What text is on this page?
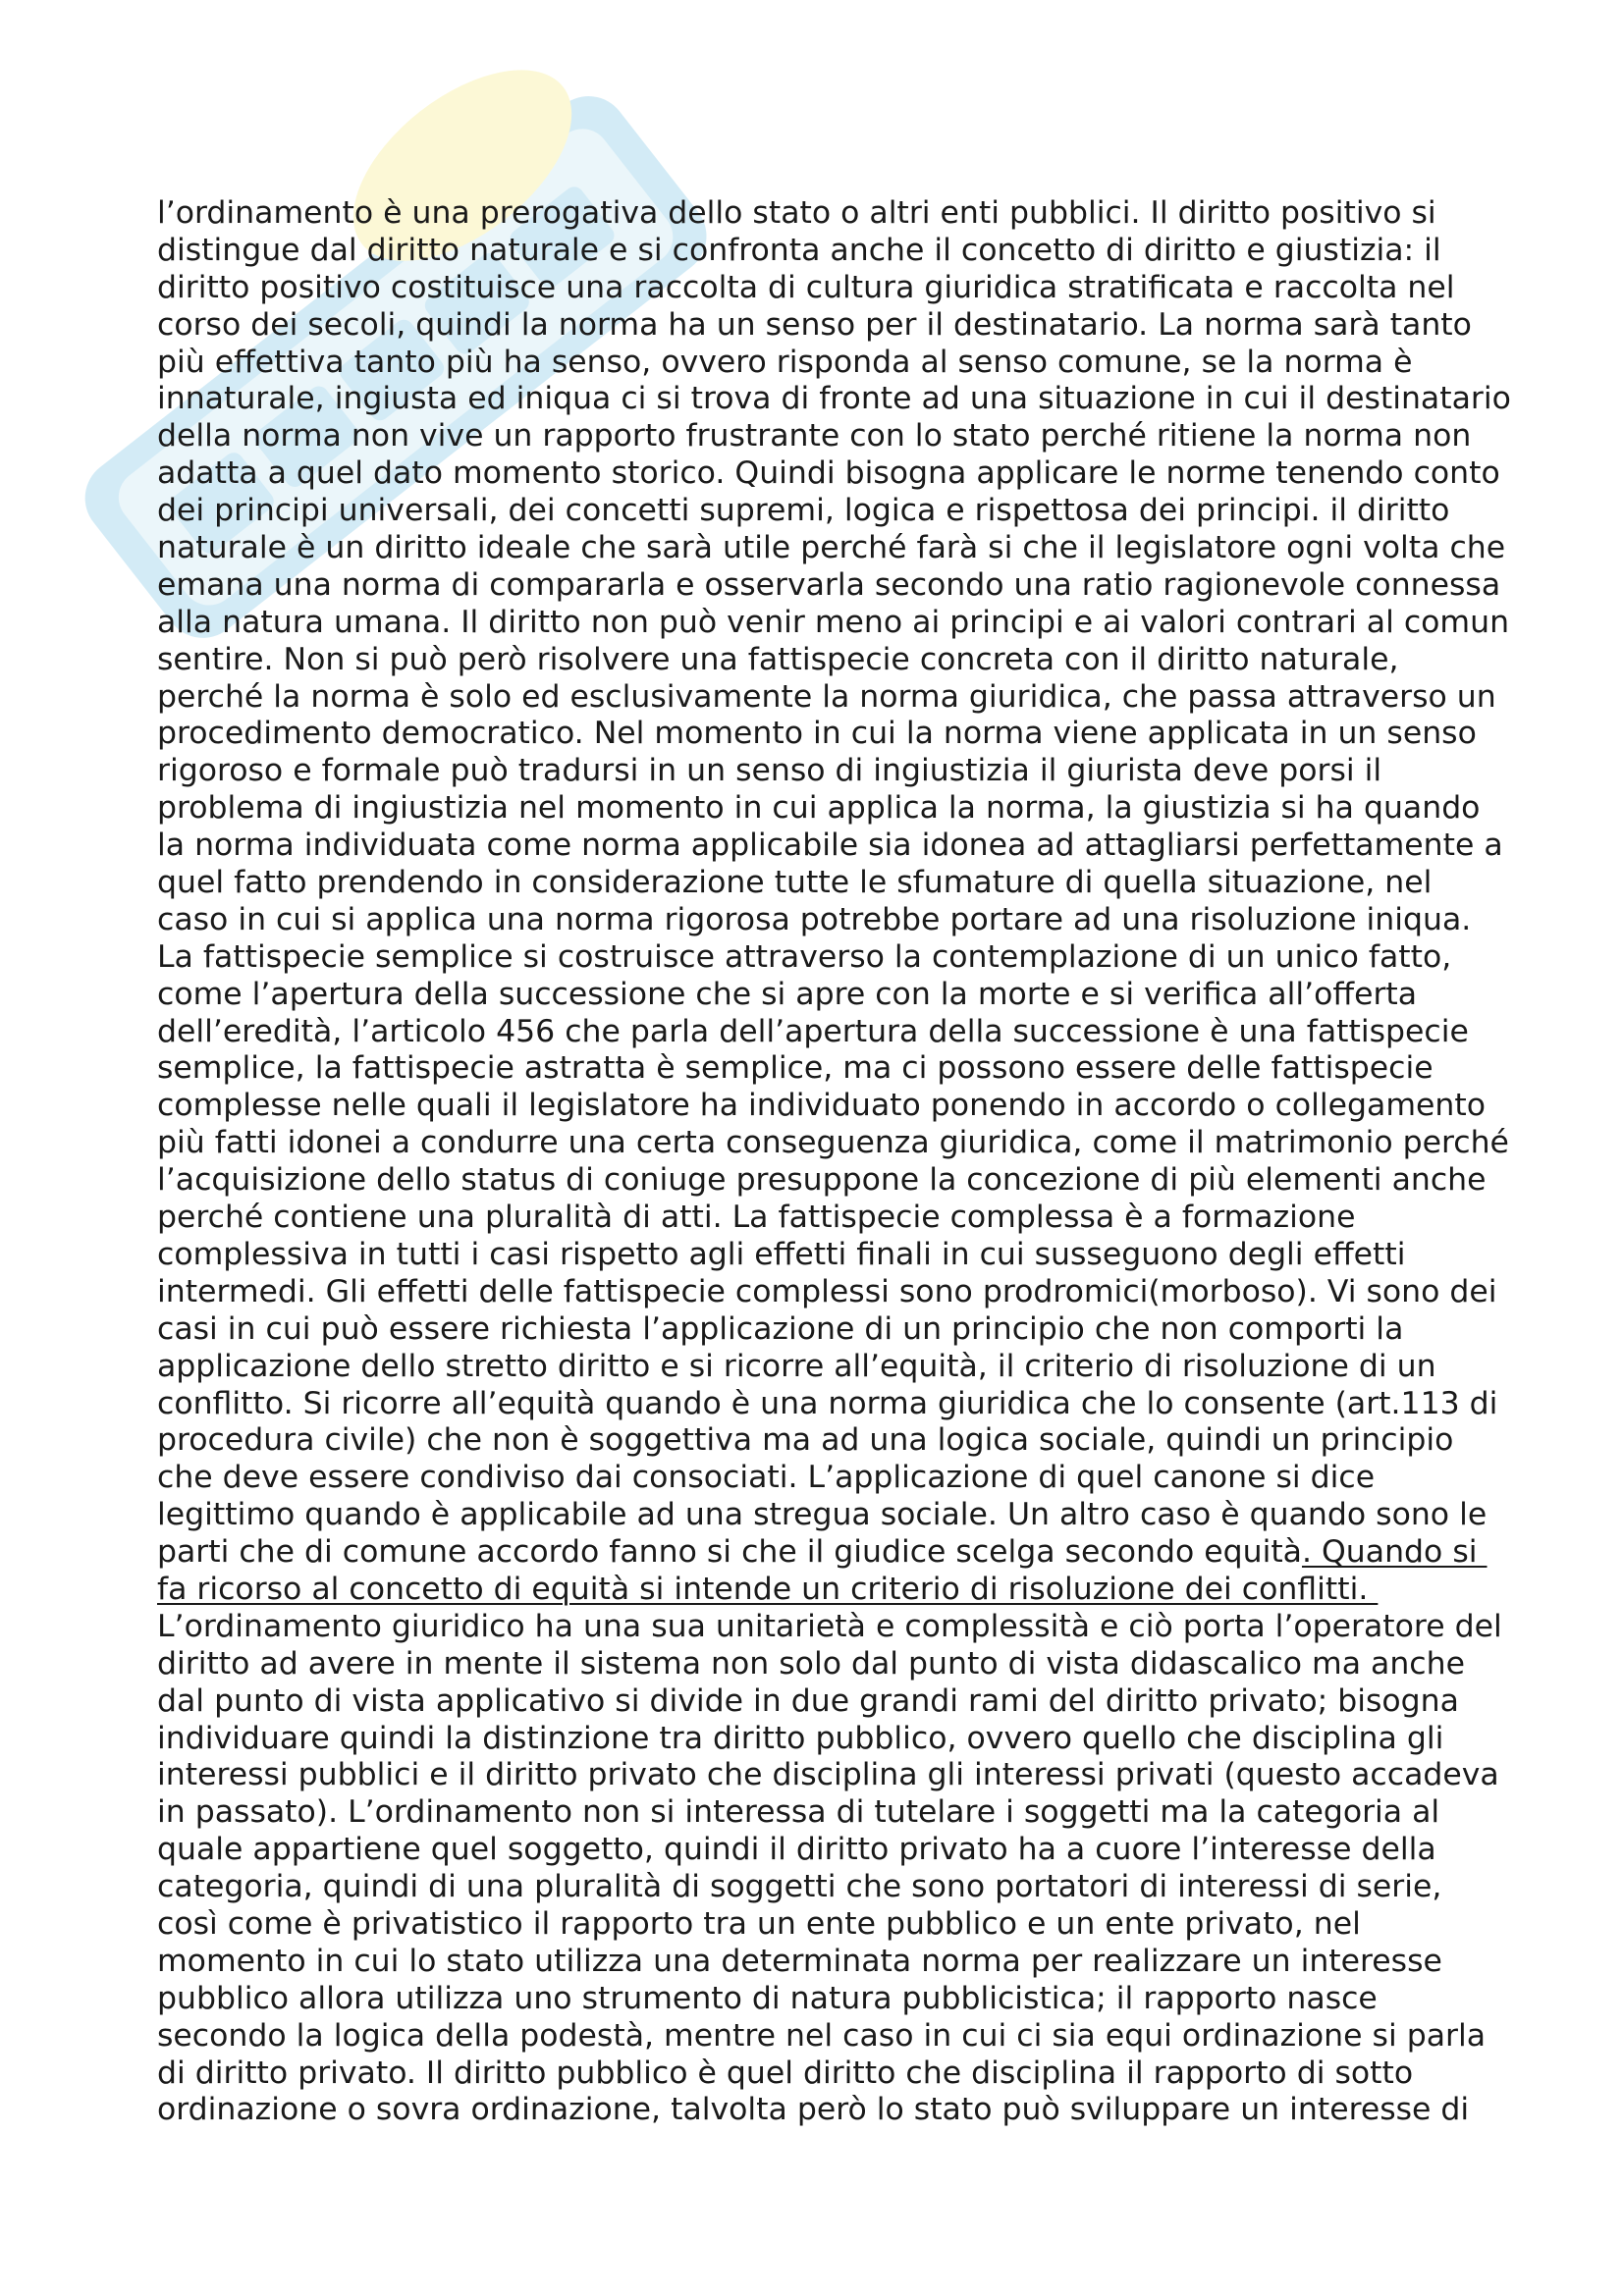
l’ordinamento è una prerogativa dello stato o altri enti pubblici. Il diritto positivo si
distingue dal diritto naturale e si confronta anche il concetto di diritto e giustizia: il
diritto positivo costituisce una raccolta di cultura giuridica stratificata e raccolta nel
corso dei secoli, quindi la norma ha un senso per il destinatario. La norma sarà tanto
più effettiva tanto più ha senso, ovvero risponda al senso comune, se la norma è
innaturale, ingiusta ed iniqua ci si trova di fronte ad una situazione in cui il destinatario
della norma non vive un rapporto frustrante con lo stato perché ritiene la norma non
adatta a quel dato momento storico. Quindi bisogna applicare le norme tenendo conto
dei principi universali, dei concetti supremi, logica e rispettosa dei principi. il diritto
naturale è un diritto ideale che sarà utile perché farà si che il legislatore ogni volta che
emana una norma di compararla e osservarla secondo una ratio ragionevole connessa
alla natura umana. Il diritto non può venir meno ai principi e ai valori contrari al comun
sentire. Non si può però risolvere una fattispecie concreta con il diritto naturale,
perché la norma è solo ed esclusivamente la norma giuridica, che passa attraverso un
procedimento democratico. Nel momento in cui la norma viene applicata in un senso
rigoroso e formale può tradursi in un senso di ingiustizia il giurista deve porsi il
problema di ingiustizia nel momento in cui applica la norma, la giustizia si ha quando
la norma individuata come norma applicabile sia idonea ad attagliarsi perfettamente a
quel fatto prendendo in considerazione tutte le sfumature di quella situazione, nel
caso in cui si applica una norma rigorosa potrebbe portare ad una risoluzione iniqua.
La fattispecie semplice si costruisce attraverso la contemplazione di un unico fatto,
come l’apertura della successione che si apre con la morte e si verifica all’offerta
dell’eredità, l’articolo 456 che parla dell’apertura della successione è una fattispecie
semplice, la fattispecie astratta è semplice, ma ci possono essere delle fattispecie
complesse nelle quali il legislatore ha individuato ponendo in accordo o collegamento
più fatti idonei a condurre una certa conseguenza giuridica, come il matrimonio perché
l’acquisizione dello status di coniuge presuppone la concezione di più elementi anche
perché contiene una pluralità di atti. La fattispecie complessa è a formazione
complessiva in tutti i casi rispetto agli effetti finali in cui susseguono degli effetti
intermedi. Gli effetti delle fattispecie complessi sono prodromici(morboso). Vi sono dei
casi in cui può essere richiesta l’applicazione di un principio che non comporti la
applicazione dello stretto diritto e si ricorre all’equità, il criterio di risoluzione di un
conflitto. Si ricorre all’equità quando è una norma giuridica che lo consente (art.113 di
procedura civile) che non è soggettiva ma ad una logica sociale, quindi un principio
che deve essere condiviso dai consociati. L’applicazione di quel canone si dice
legittimo quando è applicabile ad una stregua sociale. Un altro caso è quando sono le
parti che di comune accordo fanno si che il giudice scelga secondo equità. Quando si
fa ricorso al concetto di equità si intende un criterio di risoluzione dei conflitti.
L’ordinamento giuridico ha una sua unitarietà e complessità e ciò porta l’operatore del
diritto ad avere in mente il sistema non solo dal punto di vista didascalico ma anche
dal punto di vista applicativo si divide in due grandi rami del diritto privato; bisogna
individuare quindi la distinzione tra diritto pubblico, ovvero quello che disciplina gli
interessi pubblici e il diritto privato che disciplina gli interessi privati (questo accadeva
in passato). L’ordinamento non si interessa di tutelare i soggetti ma la categoria al
quale appartiene quel soggetto, quindi il diritto privato ha a cuore l’interesse della
categoria, quindi di una pluralità di soggetti che sono portatori di interessi di serie,
così come è privatistico il rapporto tra un ente pubblico e un ente privato, nel
momento in cui lo stato utilizza una determinata norma per realizzare un interesse
pubblico allora utilizza uno strumento di natura pubblicistica; il rapporto nasce
secondo la logica della podestà, mentre nel caso in cui ci sia equi ordinazione si parla
di diritto privato. Il diritto pubblico è quel diritto che disciplina il rapporto di sotto
ordinazione o sovra ordinazione, talvolta però lo stato può sviluppare un interesse di
